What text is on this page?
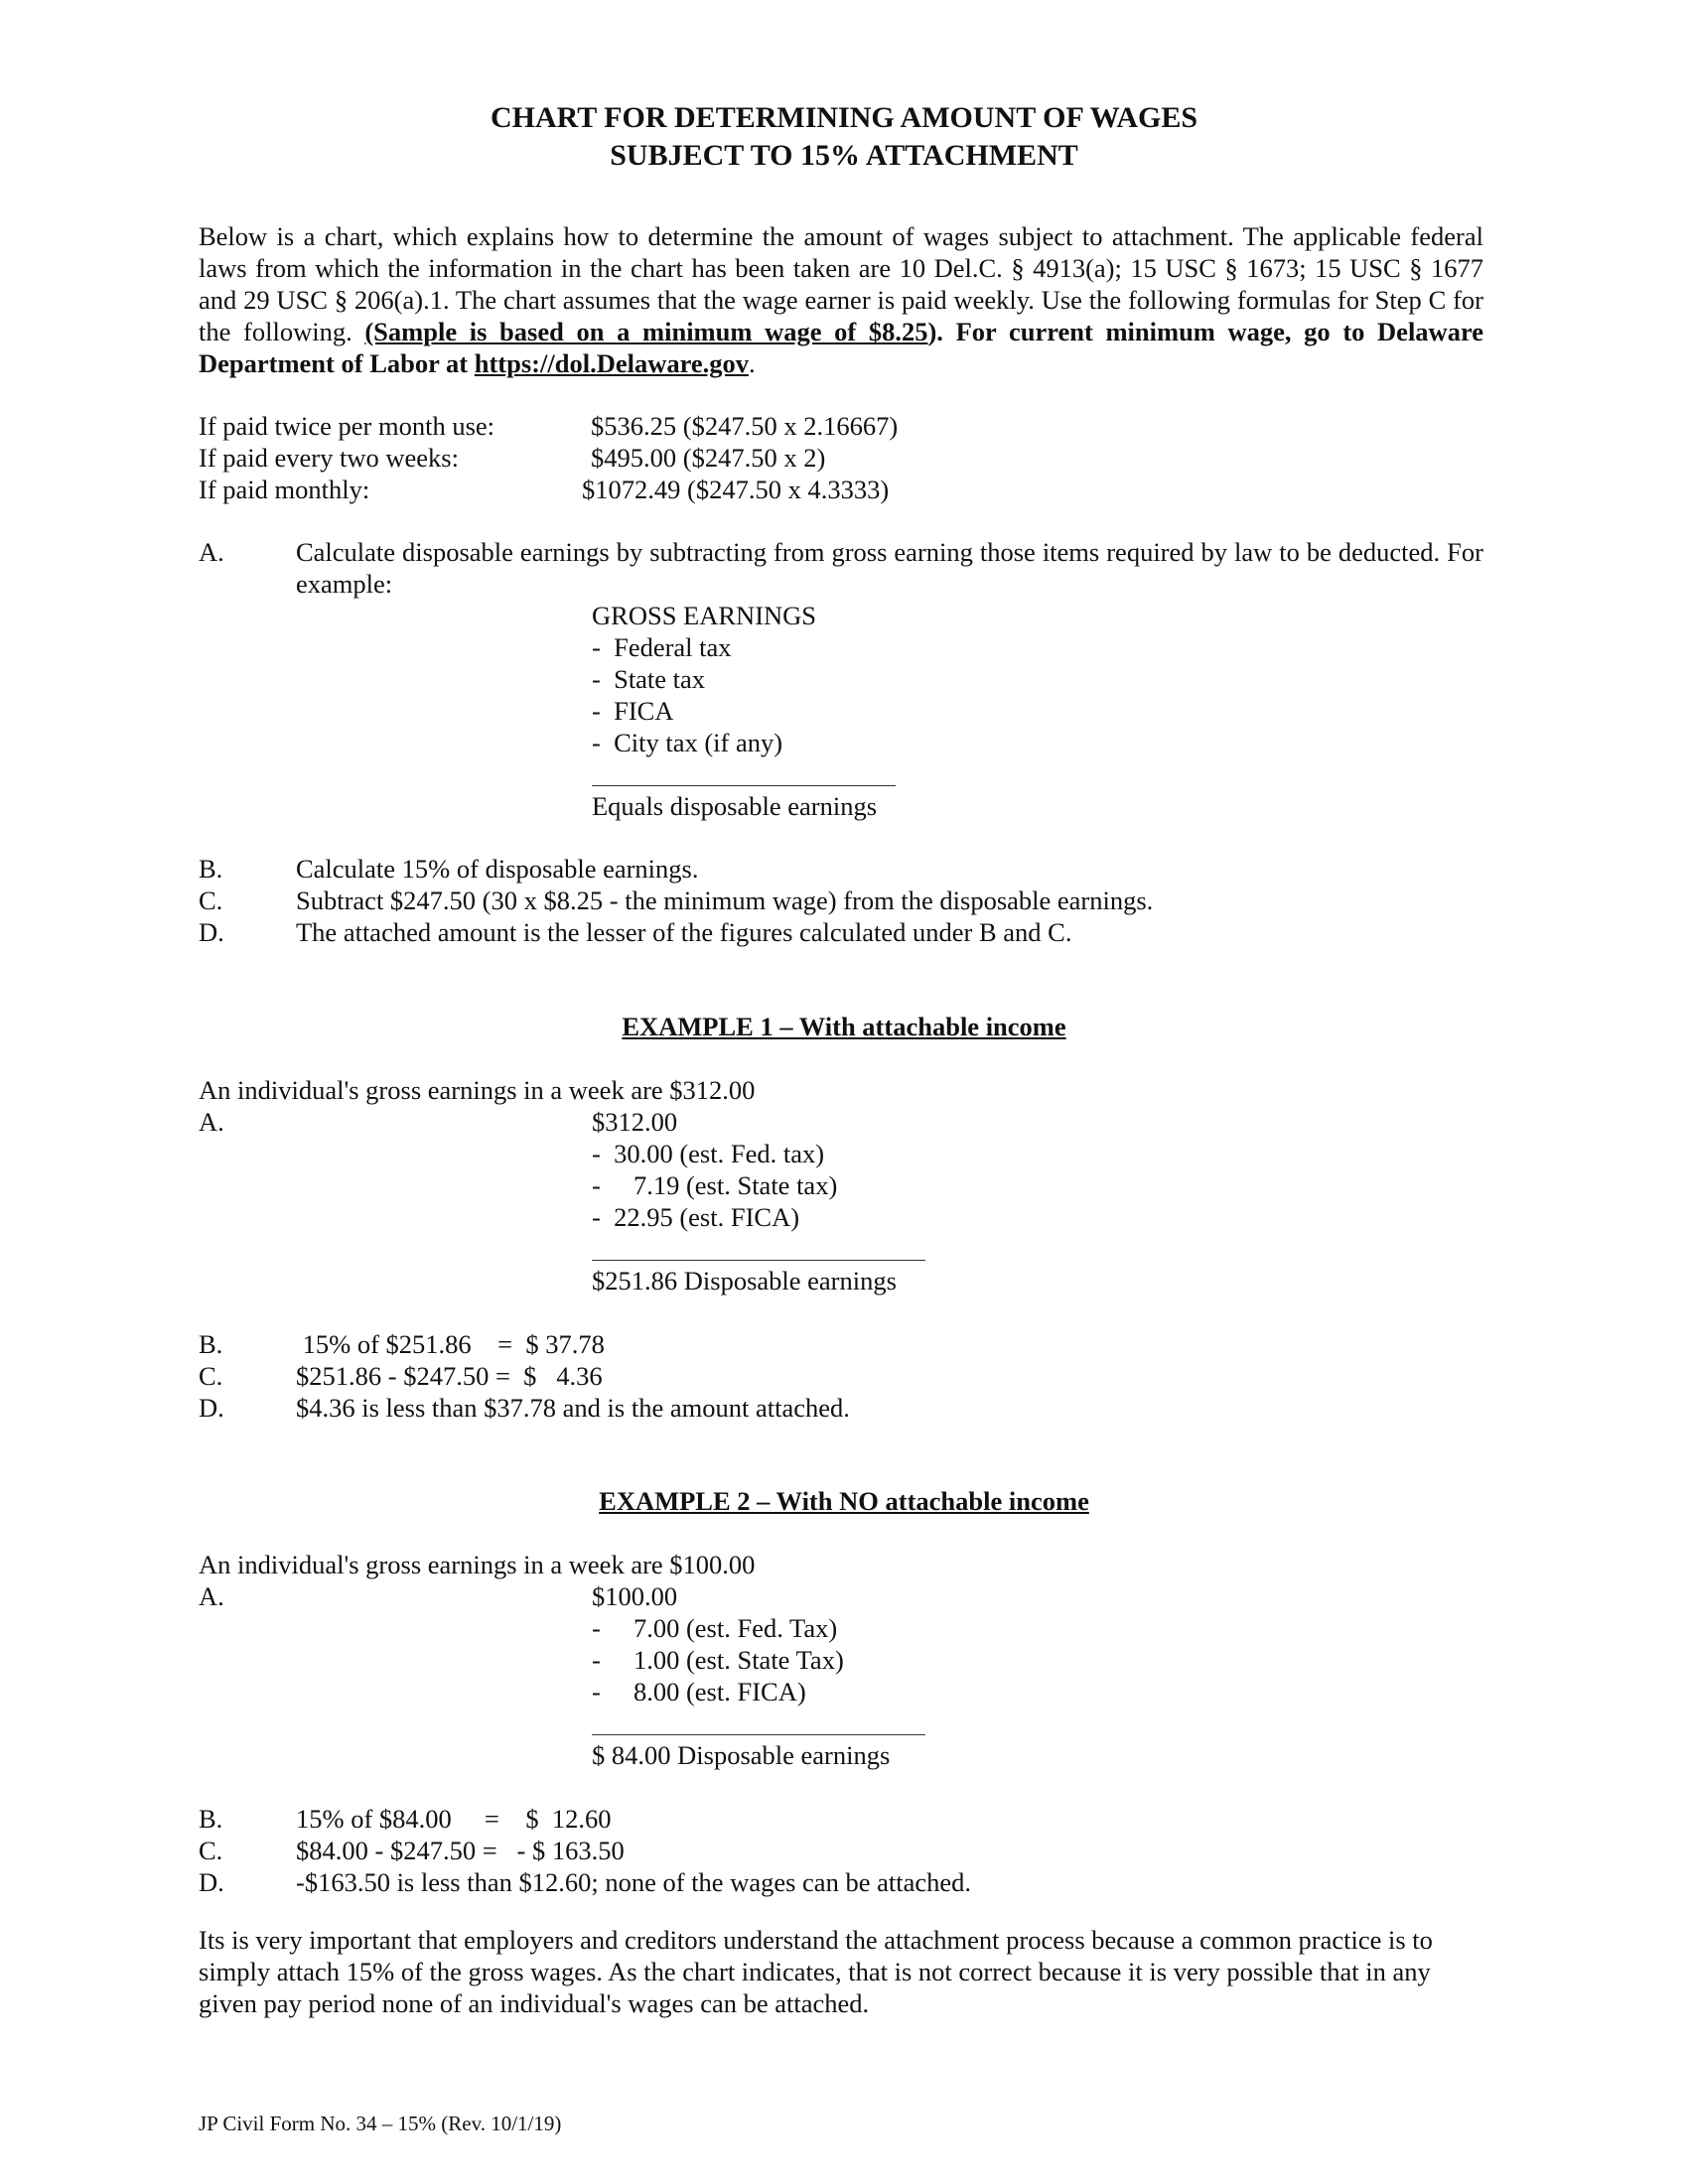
CHART FOR DETERMINING AMOUNT OF WAGES
SUBJECT TO 15% ATTACHMENT
Below is a chart, which explains how to determine the amount of wages subject to attachment. The applicable federal laws from which the information in the chart has been taken are 10 Del.C. § 4913(a); 15 USC § 1673; 15 USC § 1677 and 29 USC § 206(a).1. The chart assumes that the wage earner is paid weekly. Use the following formulas for Step C for the following. (Sample is based on a minimum wage of $8.25). For current minimum wage, go to Delaware Department of Labor at https://dol.Delaware.gov.
If paid twice per month use:	$536.25 ($247.50 x 2.16667)
If paid every two weeks:	$495.00 ($247.50 x 2)
If paid monthly:	$1072.49 ($247.50 x 4.3333)
A.	Calculate disposable earnings by subtracting from gross earning those items required by law to be deducted. For example:
GROSS EARNINGS
-  Federal tax
-  State tax
-  FICA
-  City tax (if any)
Equals disposable earnings
B.	Calculate 15% of disposable earnings.
C.	Subtract $247.50 (30 x $8.25 - the minimum wage) from the disposable earnings.
D.	The attached amount is the lesser of the figures calculated under B and C.
EXAMPLE 1 – With attachable income
An individual's gross earnings in a week are $312.00
A.	$312.00
-  30.00 (est. Fed. tax)
-     7.19 (est. State tax)
-  22.95 (est. FICA)
$251.86 Disposable earnings
B.	15% of $251.86    =  $ 37.78
C.	$251.86 - $247.50 =  $   4.36
D.	$4.36 is less than $37.78 and is the amount attached.
EXAMPLE 2 – With NO attachable income
An individual's gross earnings in a week are $100.00
A.	$100.00
-     7.00 (est. Fed. Tax)
-     1.00 (est. State Tax)
-     8.00 (est. FICA)
$ 84.00 Disposable earnings
B.	15% of $84.00     =    $  12.60
C.	$84.00 - $247.50 =   - $ 163.50
D.	-$163.50 is less than $12.60; none of the wages can be attached.
Its is very important that employers and creditors understand the attachment process because a common practice is to simply attach 15% of the gross wages. As the chart indicates, that is not correct because it is very possible that in any given pay period none of an individual's wages can be attached.
JP Civil Form No. 34 – 15% (Rev. 10/1/19)
